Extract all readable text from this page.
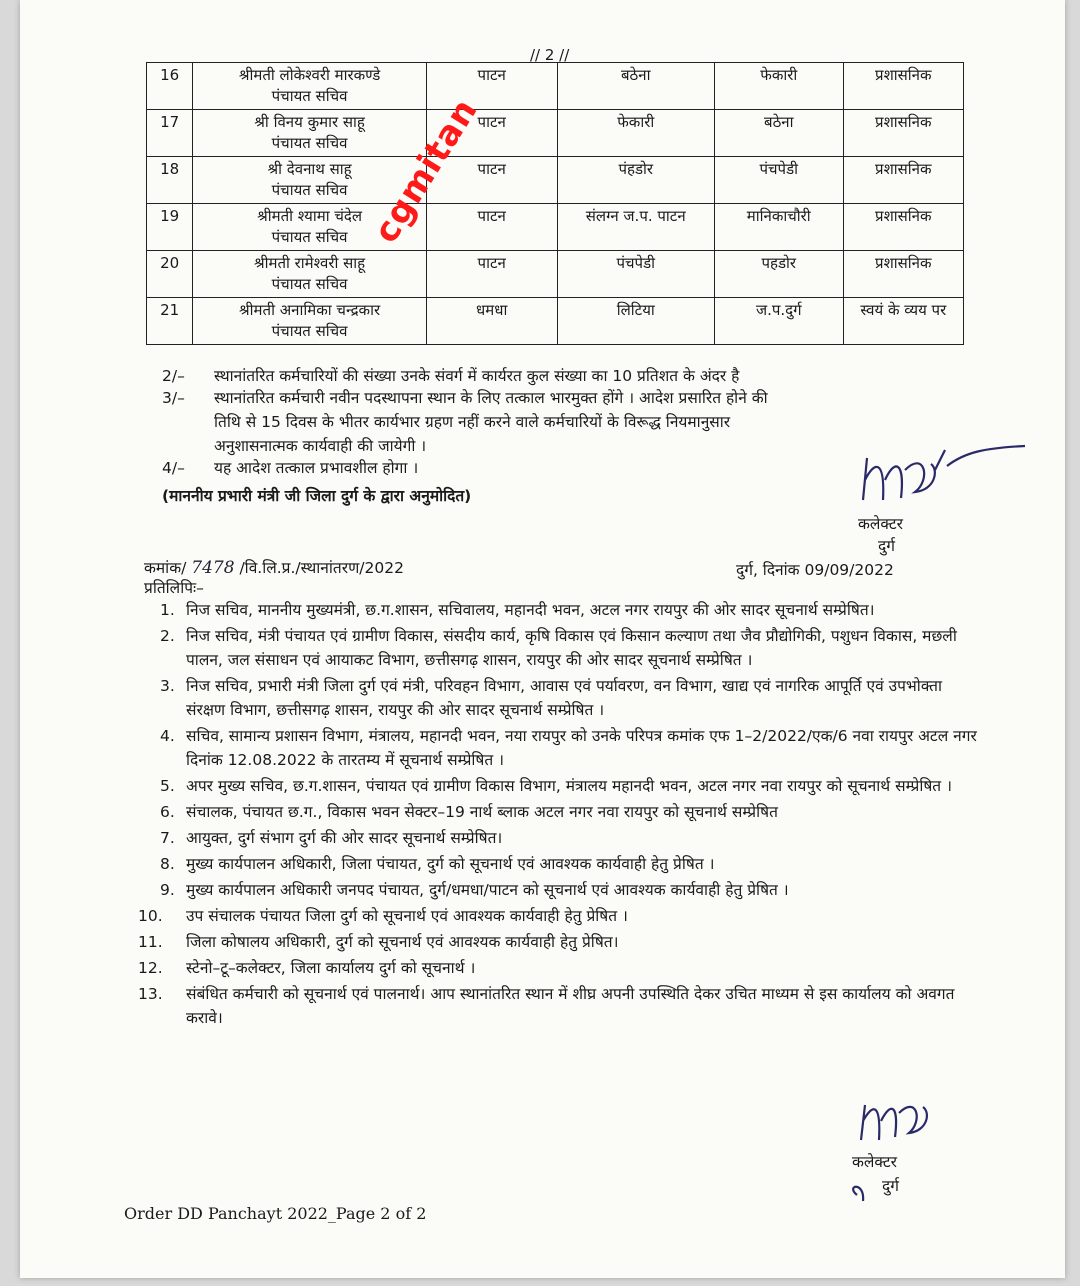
// 2 //
16	श्रीमती लोकेश्वरी मारकण्डे
पंचायत सचिव	पाटन	बठेना	फेकारी	प्रशासनिक
17	श्री विनय कुमार साहू
पंचायत सचिव	पाटन	फेकारी	बठेना	प्रशासनिक
18	श्री देवनाथ साहू
पंचायत सचिव	पाटन	पंहडोर	पंचपेडी	प्रशासनिक
19	श्रीमती श्यामा चंदेल
पंचायत सचिव	पाटन	संलग्न ज.प. पाटन	मानिकाचौरी	प्रशासनिक
20	श्रीमती रामेश्वरी साहू
पंचायत सचिव	पाटन	पंचपेडी	पहडोर	प्रशासनिक
21	श्रीमती अनामिका चन्द्रकार
पंचायत सचिव	धमधा	लिटिया	ज.प.दुर्ग	स्वयं के व्यय पर
cgmitan
2/– स्थानांतरित कर्मचारियों की संख्या उनके संवर्ग में कार्यरत कुल संख्या का 10 प्रतिशत के अंदर है
3/– स्थानांतरित कर्मचारी नवीन पदस्थापना स्थान के लिए तत्काल भारमुक्त होंगे । आदेश प्रसारित होने की
तिथि से 15 दिवस के भीतर कार्यभार ग्रहण नहीं करने वाले कर्मचारियों के विरूद्ध नियमानुसार
अनुशासनात्मक कार्यवाही की जायेगी ।
4/– यह आदेश तत्काल प्रभावशील होगा ।
(माननीय प्रभारी मंत्री जी जिला दुर्ग के द्वारा अनुमोदित)
कलेक्टर
दुर्ग
कमांक/ 7478 /वि.लि.प्र./स्थानांतरण/2022	दुर्ग, दिनांक 09/09/2022
प्रतिलिपिः–
1. निज सचिव, माननीय मुख्यमंत्री, छ.ग.शासन, सचिवालय, महानदी भवन, अटल नगर रायपुर की ओर सादर सूचनार्थ सम्प्रेषित।
2. निज सचिव, मंत्री पंचायत एवं ग्रामीण विकास, संसदीय कार्य, कृषि विकास एवं किसान कल्याण तथा जैव प्रौद्योगिकी, पशुधन विकास, मछली पालन, जल संसाधन एवं आयाकट विभाग, छत्तीसगढ़ शासन, रायपुर की ओर सादर सूचनार्थ सम्प्रेषित ।
3. निज सचिव, प्रभारी मंत्री जिला दुर्ग एवं मंत्री, परिवहन विभाग, आवास एवं पर्यावरण, वन विभाग, खाद्य एवं नागरिक आपूर्ति एवं उपभोक्ता संरक्षण विभाग, छत्तीसगढ़ शासन, रायपुर की ओर सादर सूचनार्थ सम्प्रेषित ।
4. सचिव, सामान्य प्रशासन विभाग, मंत्रालय, महानदी भवन, नया रायपुर को उनके परिपत्र कमांक एफ 1–2/2022/एक/6 नवा रायपुर अटल नगर दिनांक 12.08.2022 के तारतम्य में सूचनार्थ सम्प्रेषित ।
5. अपर मुख्य सचिव, छ.ग.शासन, पंचायत एवं ग्रामीण विकास विभाग, मंत्रालय महानदी भवन, अटल नगर नवा रायपुर को सूचनार्थ सम्प्रेषित ।
6. संचालक, पंचायत छ.ग., विकास भवन सेक्टर–19 नार्थ ब्लाक अटल नगर नवा रायपुर को सूचनार्थ सम्प्रेषित
7. आयुक्त, दुर्ग संभाग दुर्ग की ओर सादर सूचनार्थ सम्प्रेषित।
8. मुख्य कार्यपालन अधिकारी, जिला पंचायत, दुर्ग को सूचनार्थ एवं आवश्यक कार्यवाही हेतु प्रेषित ।
9. मुख्य कार्यपालन अधिकारी जनपद पंचायत, दुर्ग/धमधा/पाटन को सूचनार्थ एवं आवश्यक कार्यवाही हेतु प्रेषित ।
10. उप संचालक पंचायत जिला दुर्ग को सूचनार्थ एवं आवश्यक कार्यवाही हेतु प्रेषित ।
11. जिला कोषालय अधिकारी, दुर्ग को सूचनार्थ एवं आवश्यक कार्यवाही हेतु प्रेषित।
12. स्टेनो–टू–कलेक्टर, जिला कार्यालय दुर्ग को सूचनार्थ ।
13. संबंधित कर्मचारी को सूचनार्थ एवं पालनार्थ। आप स्थानांतरित स्थान में शीघ्र अपनी उपस्थिति देकर उचित माध्यम से इस कार्यालय को अवगत करावे।
कलेक्टर
दुर्ग
Order DD Panchayt 2022_Page 2 of 2
